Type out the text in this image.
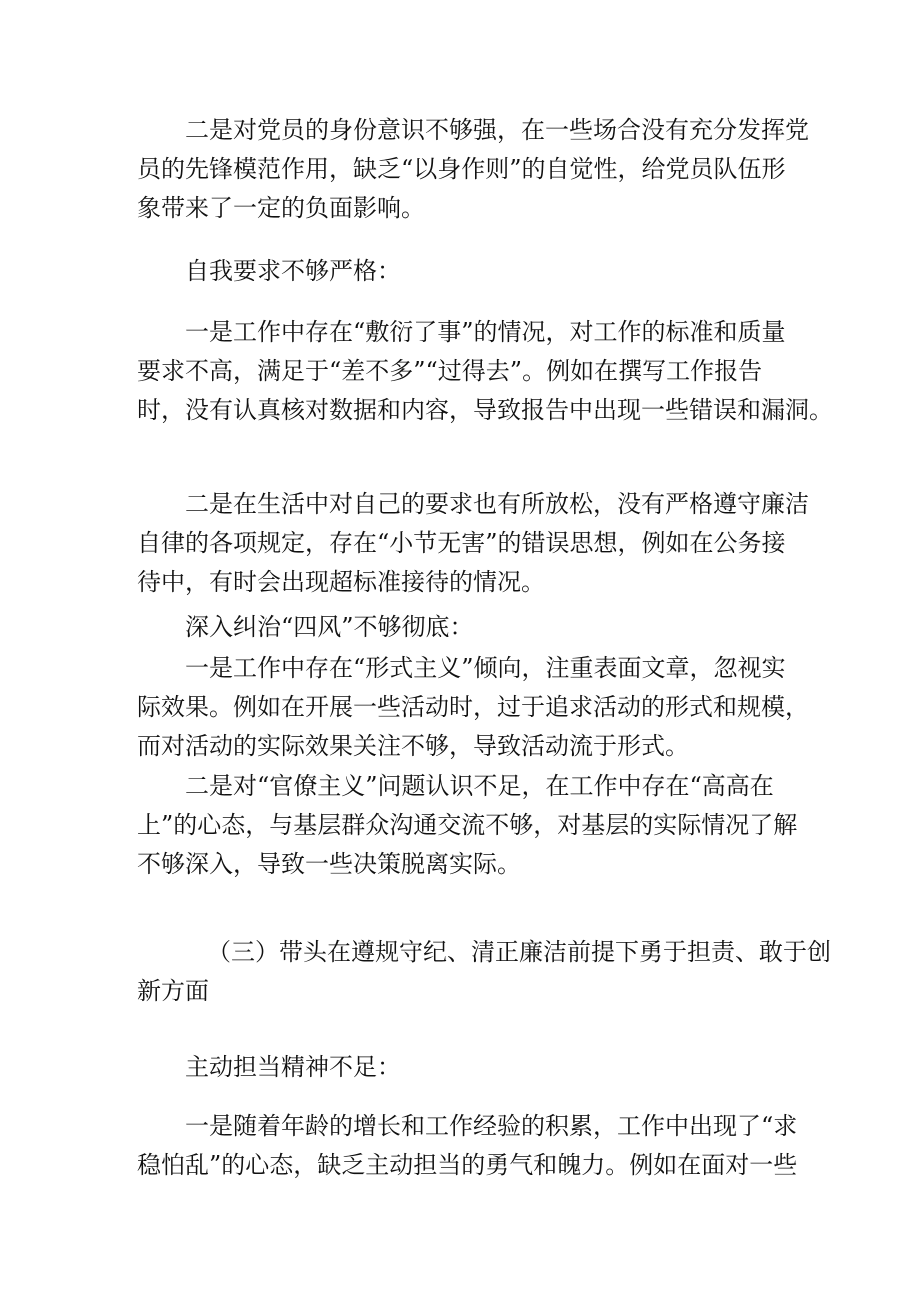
二是对党员的身份意识不够强，在一些场合没有充分发挥党
员的先锋模范作用，缺乏“以身作则”的自觉性，给党员队伍形
象带来了一定的负面影响。
自我要求不够严格：
一是工作中存在“敷衍了事”的情况，对工作的标准和质量
要求不高，满足于“差不多”“过得去”。例如在撰写工作报告
时，没有认真核对数据和内容，导致报告中出现一些错误和漏洞。
二是在生活中对自己的要求也有所放松，没有严格遵守廉洁
自律的各项规定，存在“小节无害”的错误思想，例如在公务接
待中，有时会出现超标准接待的情况。
深入纠治“四风”不够彻底：
一是工作中存在“形式主义”倾向，注重表面文章，忽视实
际效果。例如在开展一些活动时，过于追求活动的形式和规模，
而对活动的实际效果关注不够，导致活动流于形式。
二是对“官僚主义”问题认识不足，在工作中存在“高高在
上”的心态，与基层群众沟通交流不够，对基层的实际情况了解
不够深入，导致一些决策脱离实际。
（三）带头在遵规守纪、清正廉洁前提下勇于担责、敢于创
新方面
主动担当精神不足：
一是随着年龄的增长和工作经验的积累，工作中出现了“求
稳怕乱”的心态，缺乏主动担当的勇气和魄力。例如在面对一些
